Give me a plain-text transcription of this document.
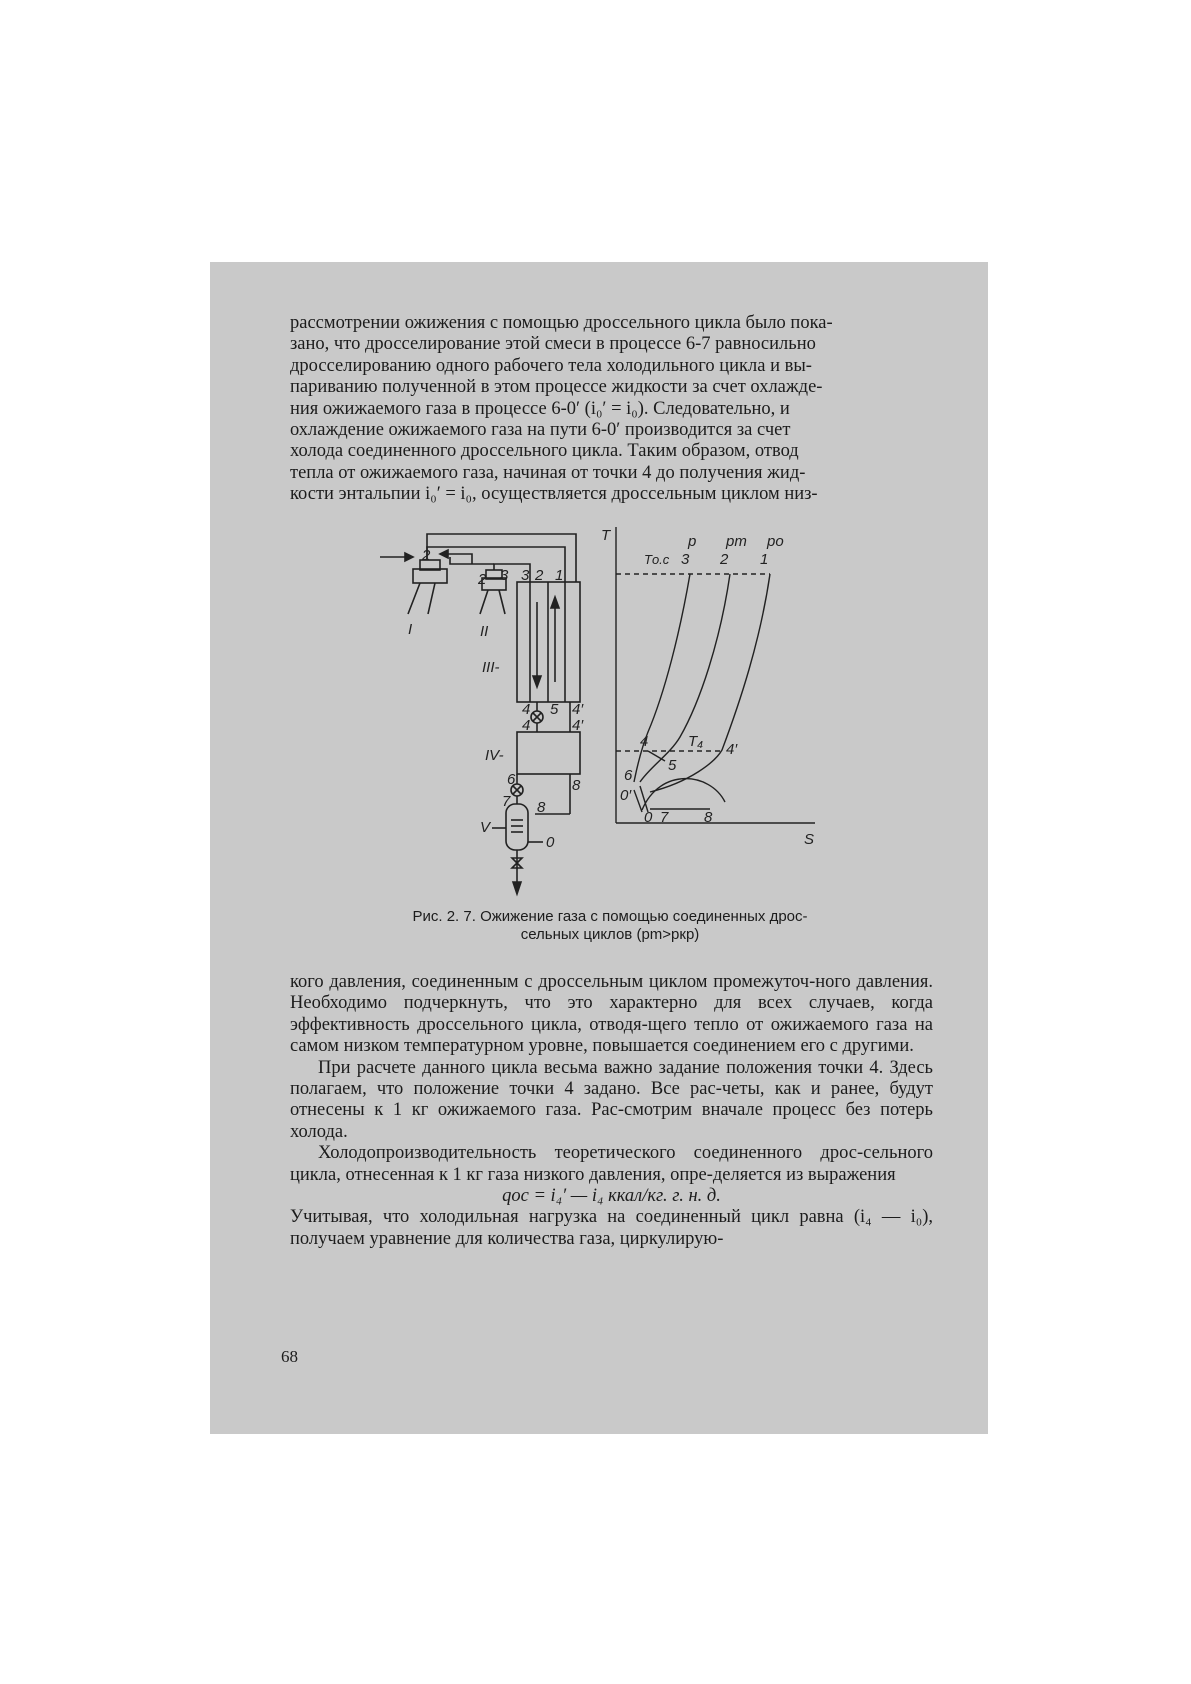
рассмотрении ожижения с помощью дроссельного цикла было пока-

зано, что дросселирование этой смеси в процессе 6-7 равносильно

дросселированию одного рабочего тела холодильного цикла и вы-

париванию полученной в этом процессе жидкости за счет охлажде-

ния ожижаемого газа в процессе 6-0′ (i₀′ = i₀). Следовательно, и

охлаждение ожижаемого газа на пути 6-0′ производится за счет

холода соединенного дроссельного цикла. Таким образом, отвод

тепла от ожижаемого газа, начиная от точки 4 до получения жид-

кости энтальпии i₀′ = i₀, осуществляется дроссельным циклом низ-

2
I
2 3
II
3 2 1
III-
4 5 4′
4	4′
IV-
6	8
7 8
V
0
T
S
p pm po
Tо.с 3 2 1
4	T₄ 4′
5
6
0′
0 7 8
Рис. 2. 7. Ожижение газа с помощью соединенных дрос-
сельных циклов (pm>pкр)

кого давления, соединенным с дроссельным циклом промежуточ-ного давления. Необходимо подчеркнуть, что это характерно для всех случаев, когда эффективность дроссельного цикла, отводя-щего тепло от ожижаемого газа на самом низком температурном уровне, повышается соединением его с другими.

При расчете данного цикла весьма важно задание положения точки 4. Здесь полагаем, что положение точки 4 задано. Все рас-четы, как и ранее, будут отнесены к 1 кг ожижаемого газа. Рас-смотрим вначале процесс без потерь холода.

Холодопроизводительность теоретического соединенного дрос-сельного цикла, отнесенная к 1 кг газа низкого давления, опре-деляется из выражения

qос = i₄′ — i₄ ккал/кг. г. н. д.

Учитывая, что холодильная нагрузка на соединенный цикл равна (i₄ — i₀), получаем уравнение для количества газа, циркулирую-

68
